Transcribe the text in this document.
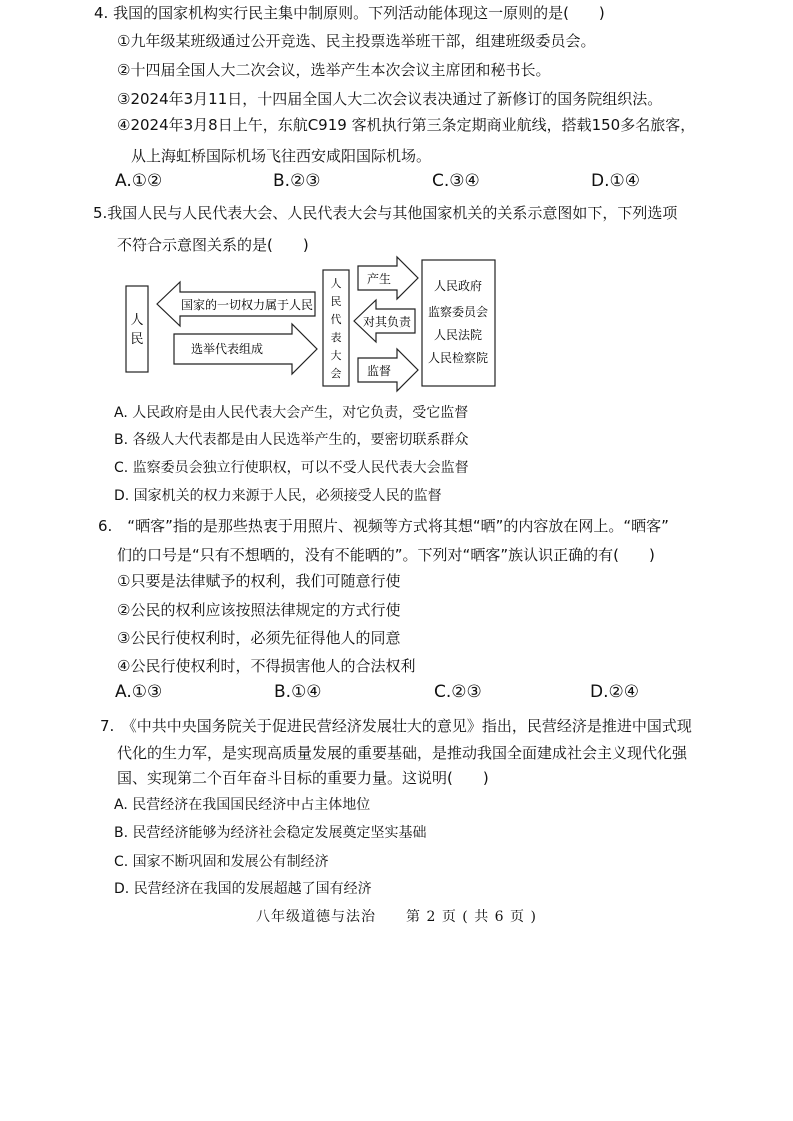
4. 我国的国家机构实行民主集中制原则。下列活动能体现这一原则的是(　　)
①九年级某班级通过公开竞选、民主投票选举班干部，组建班级委员会。
②十四届全国人大二次会议，选举产生本次会议主席团和秘书长。
③2024年3月11日，十四届全国人大二次会议表决通过了新修订的国务院组织法。
④2024年3月8日上午，东航C919 客机执行第三条定期商业航线，搭载150多名旅客，
从上海虹桥国际机场飞往西安咸阳国际机场。
A.①②	B.②③	C.③④	D.①④
5.我国人民与人民代表大会、人民代表大会与其他国家机关的关系示意图如下，下列选项
不符合示意图关系的是(　　)
人
民
国家的一切权力属于人民
选举代表组成
人
民
代
表
大
会
产生
对其负责
监督
人民政府
监察委员会
人民法院
人民检察院
A. 人民政府是由人民代表大会产生，对它负责，受它监督
B. 各级人大代表都是由人民选举产生的，要密切联系群众
C. 监察委员会独立行使职权，可以不受人民代表大会监督
D. 国家机关的权力来源于人民，必须接受人民的监督
6.　“晒客”指的是那些热衷于用照片、视频等方式将其想“晒”的内容放在网上。“晒客”
们的口号是“只有不想晒的，没有不能晒的”。下列对“晒客”族认识正确的有(　　)
①只要是法律赋予的权利，我们可随意行使
②公民的权利应该按照法律规定的方式行使
③公民行使权利时，必须先征得他人的同意
④公民行使权利时，不得损害他人的合法权利
A.①③	B.①④	C.②③	D.②④
7.　《中共中央国务院关于促进民营经济发展壮大的意见》指出，民营经济是推进中国式现
代化的生力军，是实现高质量发展的重要基础，是推动我国全面建成社会主义现代化强
国、实现第二个百年奋斗目标的重要力量。这说明(　　)
A. 民营经济在我国国民经济中占主体地位
B. 民营经济能够为经济社会稳定发展奠定坚实基础
C. 国家不断巩固和发展公有制经济
D. 民营经济在我国的发展超越了国有经济
八年级道德与法治　　第 2 页 ( 共 6 页 )
